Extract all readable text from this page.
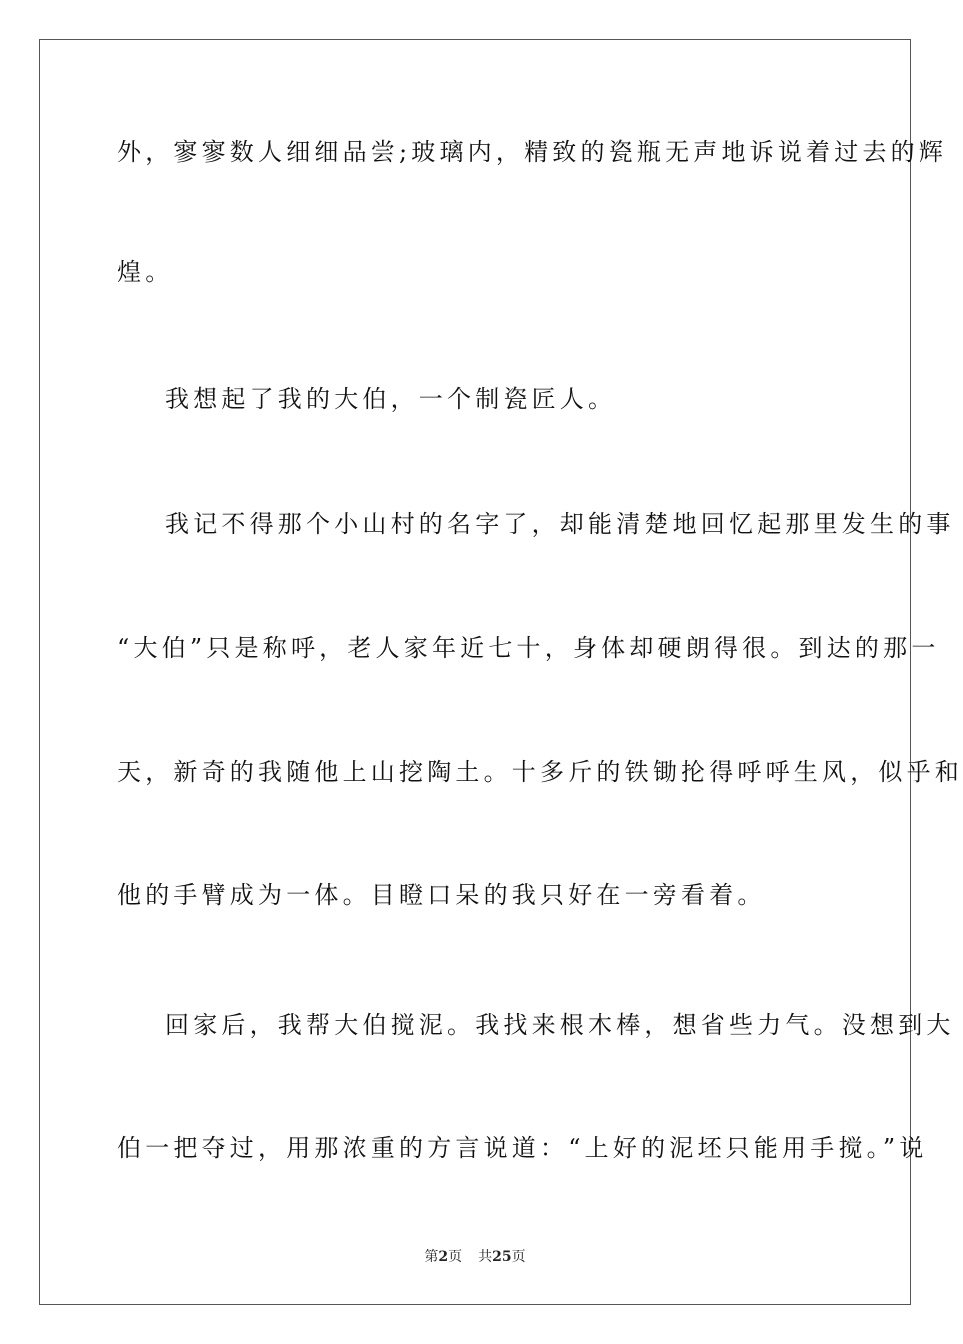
外，寥寥数人细细品尝;玻璃内，精致的瓷瓶无声地诉说着过去的辉
煌。
我想起了我的大伯，一个制瓷匠人。
我记不得那个小山村的名字了，却能清楚地回忆起那里发生的事
“大伯”只是称呼，老人家年近七十，身体却硬朗得很。到达的那一
天，新奇的我随他上山挖陶土。十多斤的铁锄抡得呼呼生风，似乎和
他的手臂成为一体。目瞪口呆的我只好在一旁看着。
回家后，我帮大伯搅泥。我找来根木棒，想省些力气。没想到大
伯一把夺过，用那浓重的方言说道：“上好的泥坯只能用手搅。”说
第2页 共25页
